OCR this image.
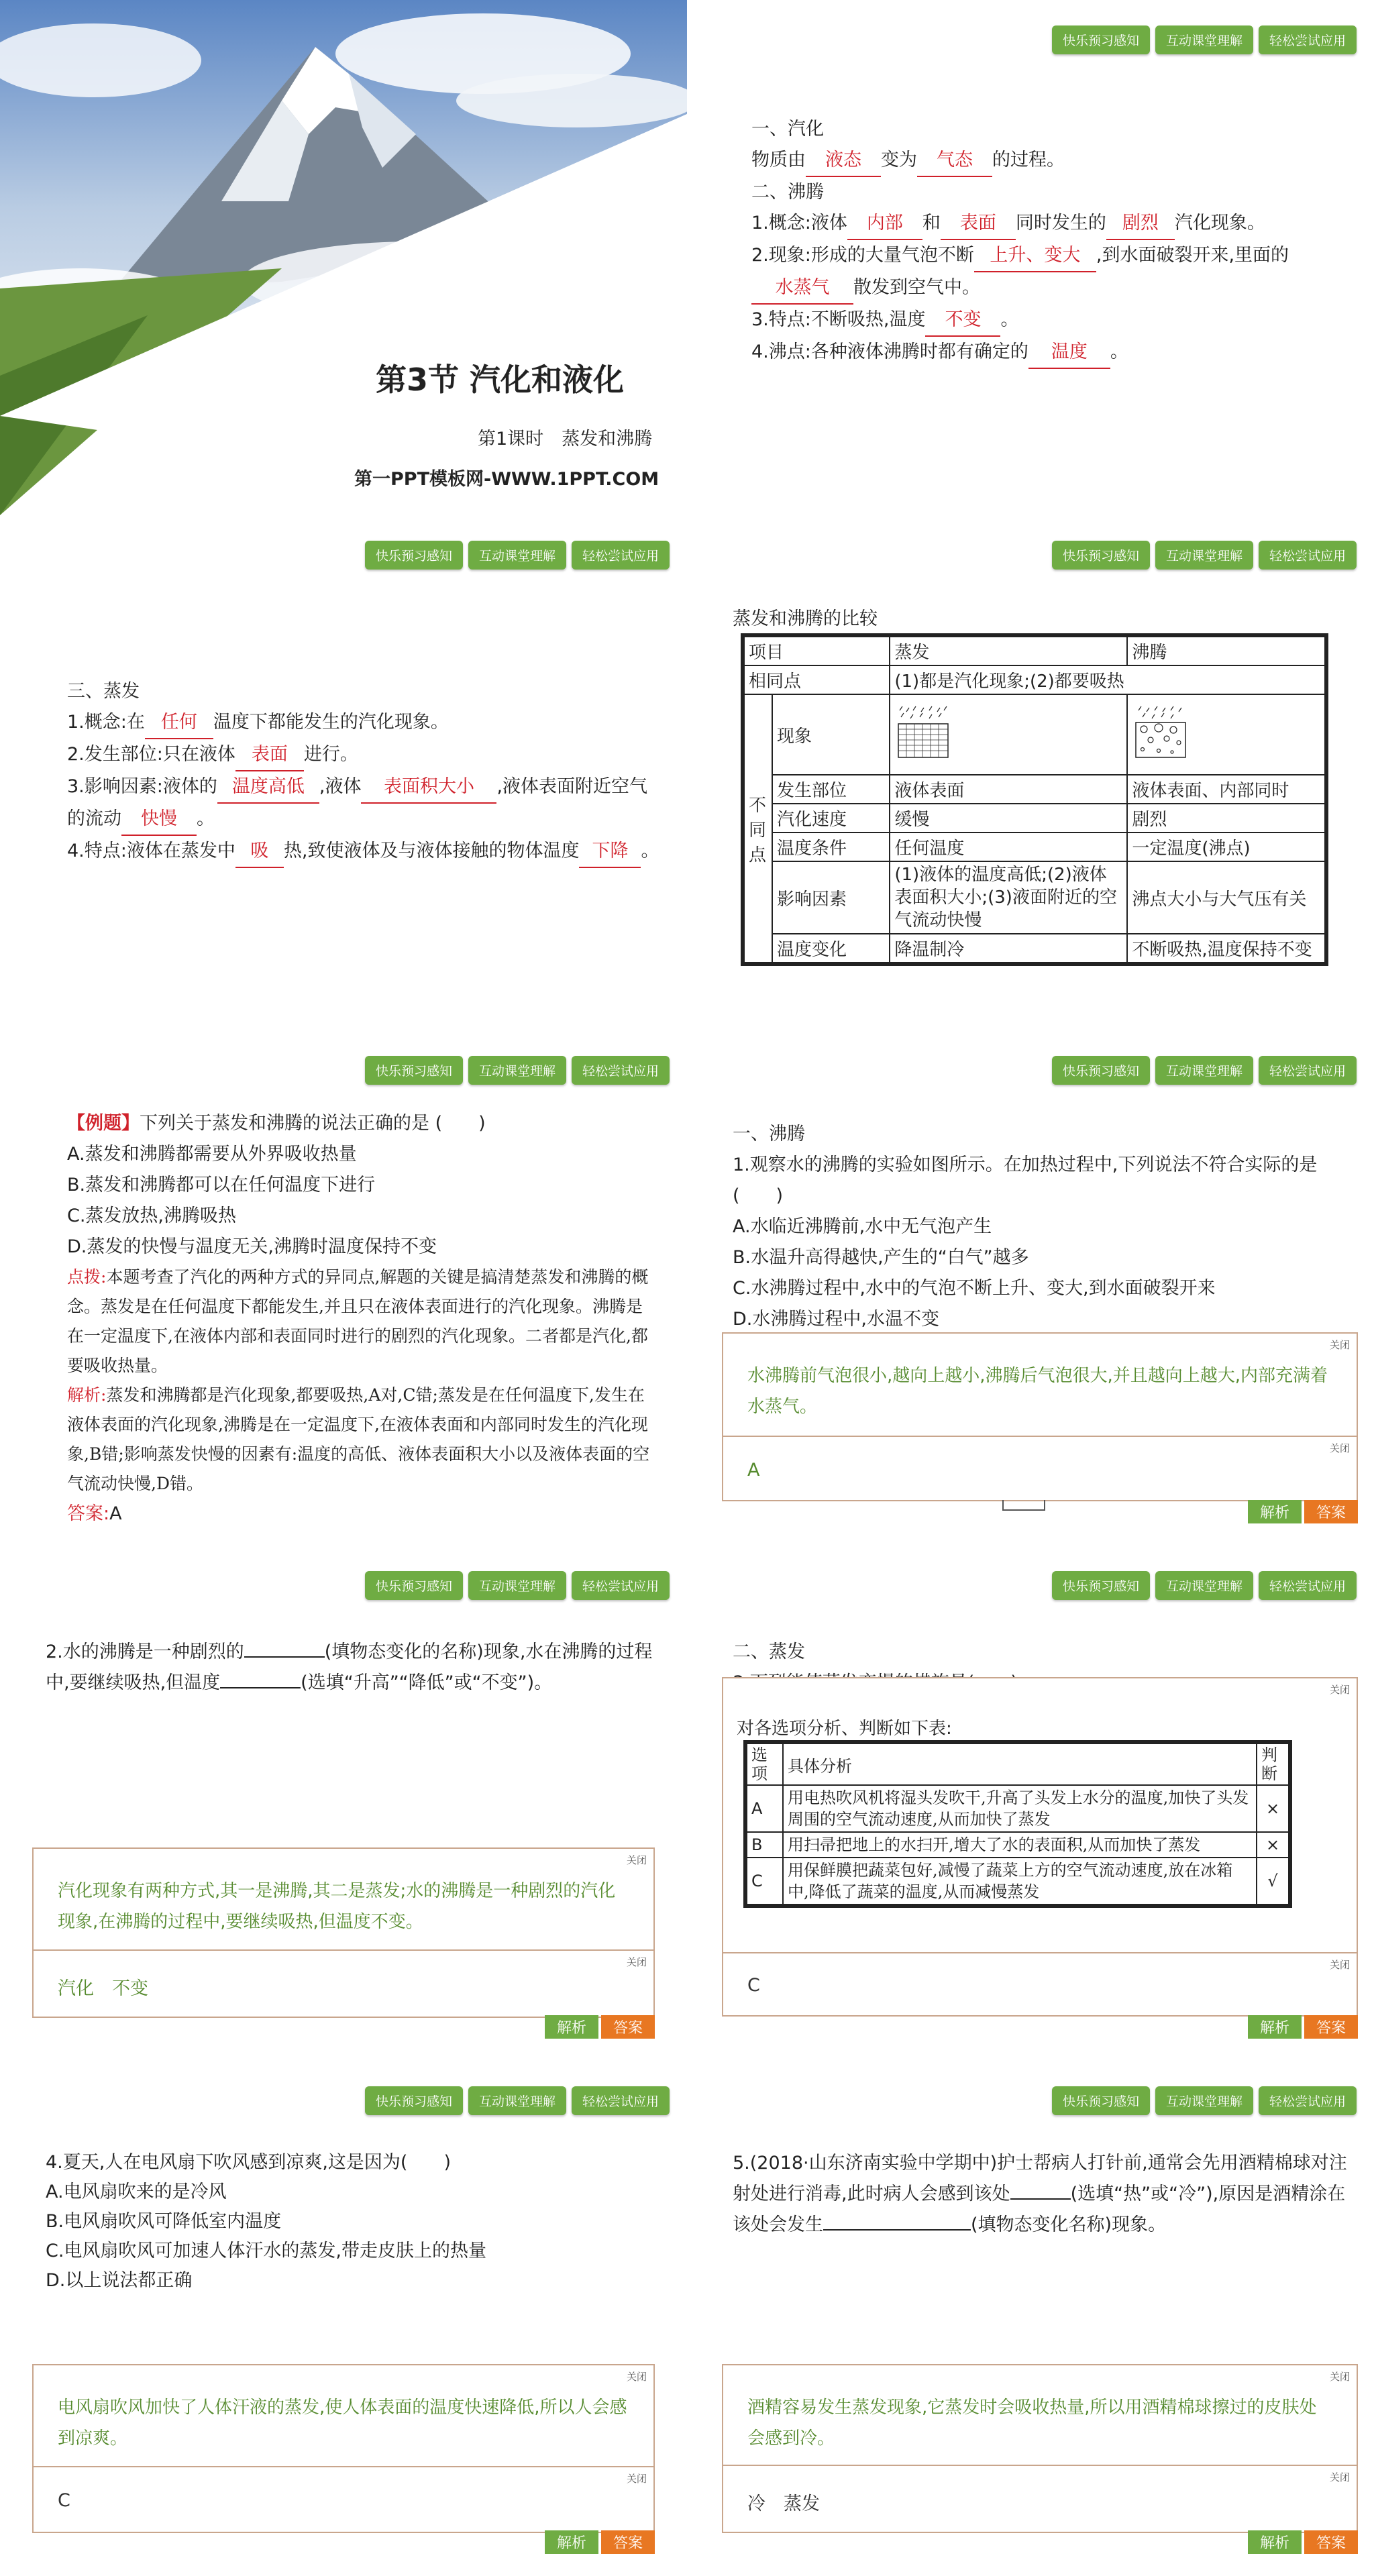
第3节 汽化和液化
第1课时　蒸发和沸腾
第一PPT模板网-WWW.1PPT.COM
快乐预习感知	互动课堂理解	轻松尝试应用

一、汽化

物质由 液态 变为 气态 的过程。

二、沸腾

1.概念:液体 内部 和 表面 同时发生的 剧烈 汽化现象。

2.现象:形成的大量气泡不断 上升、变大 ,到水面破裂开来,里面的水蒸气 散发到空气中。

3.特点:不断吸热,温度 不变 。

4.沸点:各种液体沸腾时都有确定的 温度 。

快乐预习感知	互动课堂理解	轻松尝试应用

三、蒸发

1.概念:在 任何 温度下都能发生的汽化现象。

2.发生部位:只在液体 表面 进行。

3.影响因素:液体的 温度高低 ,液体 表面积大小 ,液体表面附近空气的流动 快慢 。

4.特点:液体在蒸发中 吸 热,致使液体及与液体接触的物体温度 下降 。

快乐预习感知	互动课堂理解	轻松尝试应用
蒸发和沸腾的比较
项目		蒸发	沸腾
相同点		(1)都是汽化现象;(2)都要吸热	
不同点	现象		
	发生部位	液体表面	液体表面、内部同时
	汽化速度	缓慢	剧烈
	温度条件	任何温度	一定温度(沸点)
	影响因素	(1)液体的温度高低;(2)液体表面积大小;(3)液面附近的空气流动快慢	沸点大小与大气压有关
	温度变化	降温制冷	不断吸热,温度保持不变
快乐预习感知	互动课堂理解	轻松尝试应用

【例题】下列关于蒸发和沸腾的说法正确的是 (　　)

A.蒸发和沸腾都需要从外界吸收热量

B.蒸发和沸腾都可以在任何温度下进行

C.蒸发放热,沸腾吸热

D.蒸发的快慢与温度无关,沸腾时温度保持不变

点拨:本题考查了汽化的两种方式的异同点,解题的关键是搞清楚蒸发和沸腾的概念。蒸发是在任何温度下都能发生,并且只在液体表面进行的汽化现象。沸腾是在一定温度下,在液体内部和表面同时进行的剧烈的汽化现象。二者都是汽化,都要吸收热量。

解析:蒸发和沸腾都是汽化现象,都要吸热,A对,C错;蒸发是在任何温度下,发生在液体表面的汽化现象,沸腾是在一定温度下,在液体表面和内部同时发生的汽化现象,B错;影响蒸发快慢的因素有:温度的高低、液体表面积大小以及液体表面的空气流动快慢,D错。

答案:A

快乐预习感知	互动课堂理解	轻松尝试应用

一、沸腾

1.观察水的沸腾的实验如图所示。在加热过程中,下列说法不符合实际的是(　　)

A.水临近沸腾前,水中无气泡产生

B.水温升高得越快,产生的“白气”越多

C.水沸腾过程中,水中的气泡不断上升、变大,到水面破裂开来

D.水沸腾过程中,水温不变

关闭
水沸腾前气泡很小,越向上越小,沸腾后气泡很大,并且越向上越大,内部充满着水蒸气。
关闭
A
解析	答案
快乐预习感知	互动课堂理解	轻松尝试应用

2.水的沸腾是一种剧烈的	(填物态变化的名称)现象,水在沸腾的过程中,要继续吸热,但温度	(选填“升高”“降低”或“不变”)。

关闭
汽化现象有两种方式,其一是沸腾,其二是蒸发;水的沸腾是一种剧烈的汽化现象,在沸腾的过程中,要继续吸热,但温度不变。
关闭
汽化　不变
解析	答案
快乐预习感知	互动课堂理解	轻松尝试应用

二、蒸发

关闭
对各选项分析、判断如下表:
选项	具体分析	判断
A	用电热吹风机将湿头发吹干,升高了头发上水分的温度,加快了头发周围的空气流动速度,从而加快了蒸发	×
B	用扫帚把地上的水扫开,增大了水的表面积,从而加快了蒸发	×
C	用保鲜膜把蔬菜包好,减慢了蔬菜上方的空气流动速度,放在冰箱中,降低了蔬菜的温度,从而减慢蒸发	√
关闭
C
解析	答案
快乐预习感知	互动课堂理解	轻松尝试应用

4.夏天,人在电风扇下吹风感到凉爽,这是因为(　　)

A.电风扇吹来的是冷风

B.电风扇吹风可降低室内温度

C.电风扇吹风可加速人体汗水的蒸发,带走皮肤上的热量

D.以上说法都正确

关闭
电风扇吹风加快了人体汗液的蒸发,使人体表面的温度快速降低,所以人会感到凉爽。
关闭
C
解析	答案
快乐预习感知	互动课堂理解	轻松尝试应用

5.(2018·山东济南实验中学期中)护士帮病人打针前,通常会先用酒精棉球对注射处进行消毒,此时病人会感到该处	(选填“热”或“冷”),原因是酒精涂在该处会发生	(填物态变化名称)现象。

关闭
酒精容易发生蒸发现象,它蒸发时会吸收热量,所以用酒精棉球擦过的皮肤处会感到冷。
关闭
冷　蒸发
解析	答案
